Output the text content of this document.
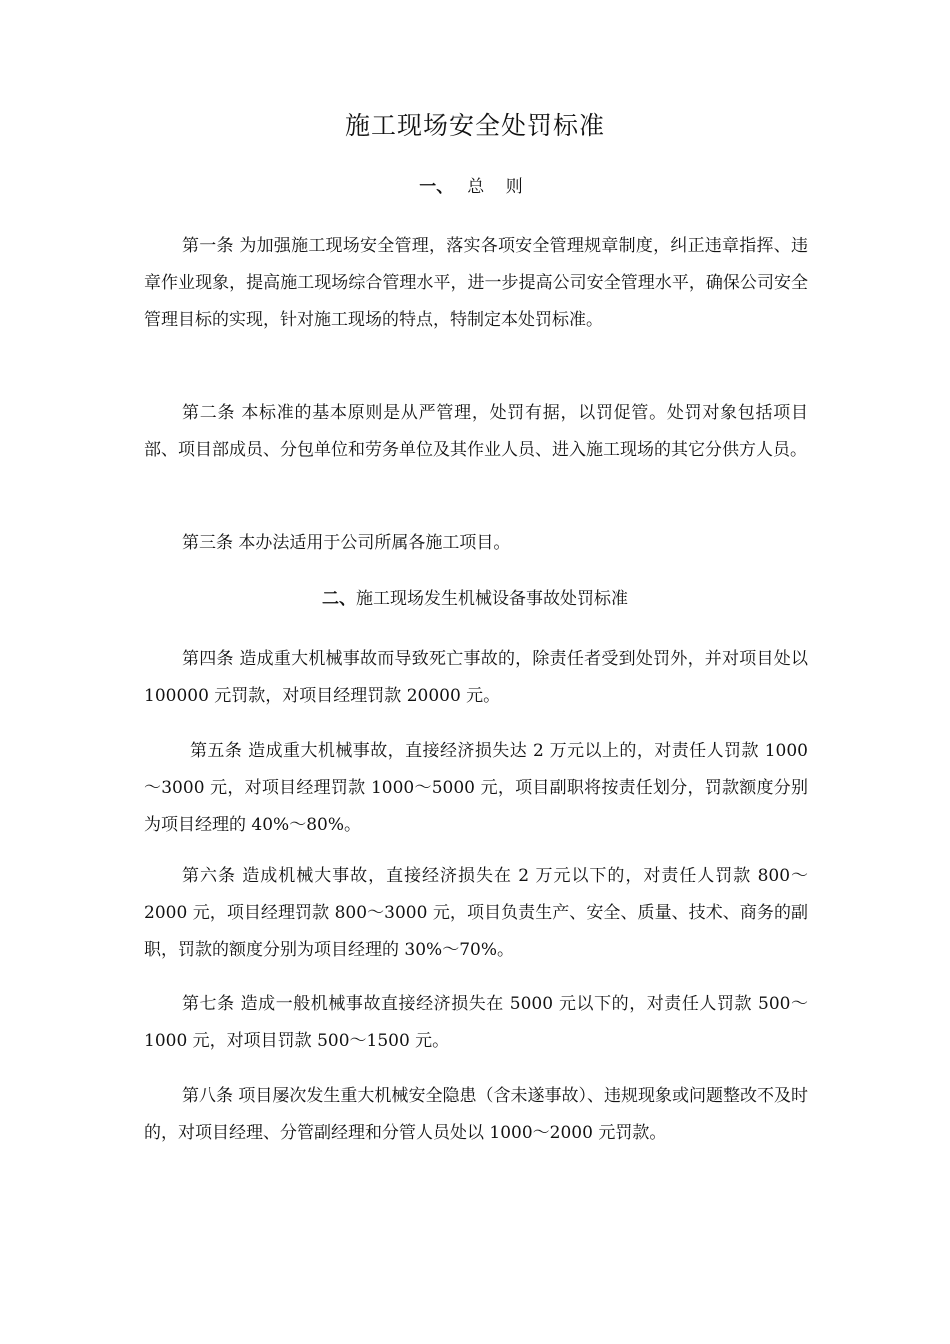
施工现场安全处罚标准
一、 总 则

第一条 为加强施工现场安全管理，落实各项安全管理规章制度，纠正违章指挥、违章作业现象，提高施工现场综合管理水平，进一步提高公司安全管理水平，确保公司安全管理目标的实现，针对施工现场的特点，特制定本处罚标准。

第二条 本标准的基本原则是从严管理，处罚有据，以罚促管。处罚对象包括项目部、项目部成员、分包单位和劳务单位及其作业人员、进入施工现场的其它分供方人员。

第三条 本办法适用于公司所属各施工项目。

二、施工现场发生机械设备事故处罚标准

第四条 造成重大机械事故而导致死亡事故的，除责任者受到处罚外，并对项目处以 100000 元罚款，对项目经理罚款 20000 元。

第五条 造成重大机械事故，直接经济损失达 2 万元以上的，对责任人罚款 1000～3000 元，对项目经理罚款 1000～5000 元，项目副职将按责任划分，罚款额度分别为项目经理的 40%～80%。

第六条 造成机械大事故，直接经济损失在 2 万元以下的，对责任人罚款 800～2000 元，项目经理罚款 800～3000 元，项目负责生产、安全、质量、技术、商务的副职，罚款的额度分别为项目经理的 30%～70%。

第七条 造成一般机械事故直接经济损失在 5000 元以下的，对责任人罚款 500～1000 元，对项目罚款 500～1500 元。

第八条 项目屡次发生重大机械安全隐患（含未遂事故）、违规现象或问题整改不及时的，对项目经理、分管副经理和分管人员处以 1000～2000 元罚款。
